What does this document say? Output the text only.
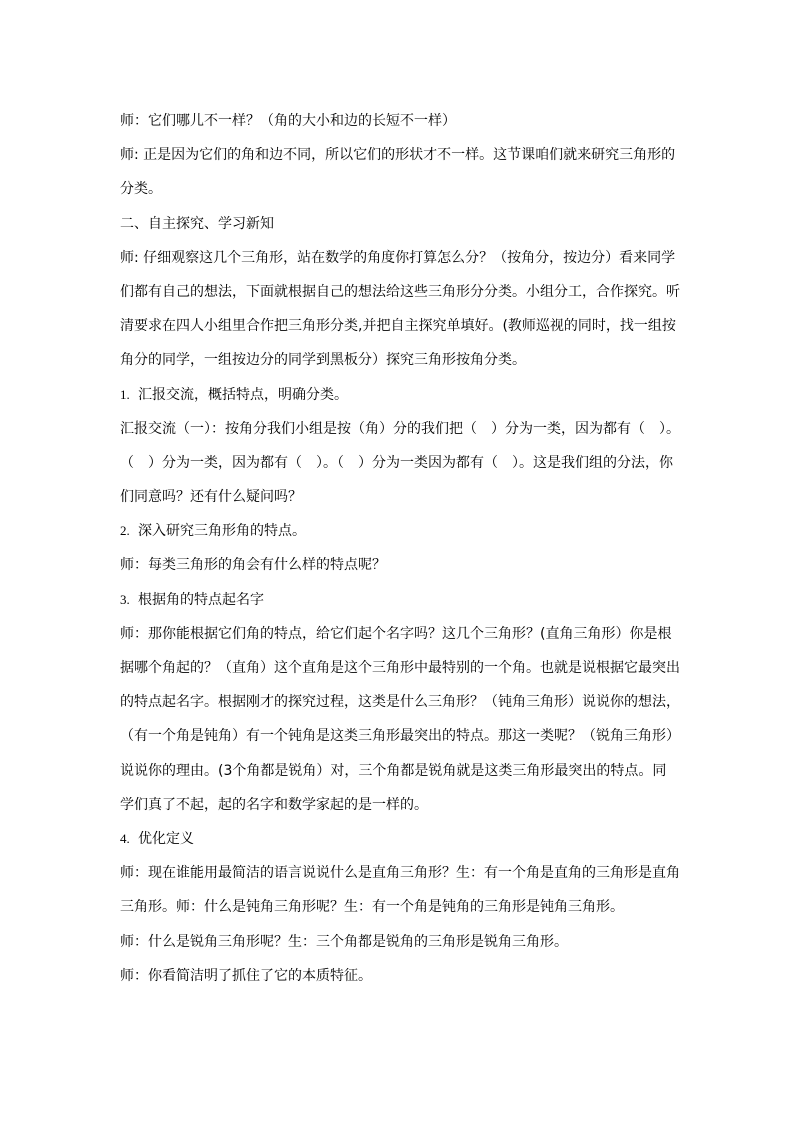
师：它们哪儿不一样？（角的大小和边的长短不一样）
师: 正是因为它们的角和边不同，所以它们的形状才不一样。这节课咱们就来研究三角形的
分类。
二、自主探究、学习新知
师: 仔细观察这几个三角形，站在数学的角度你打算怎么分？（按角分，按边分）看来同学
们都有自己的想法，下面就根据自己的想法给这些三角形分分类。小组分工，合作探究。听
清要求在四人小组里合作把三角形分类,并把自主探究单填好。(教师巡视的同时，找一组按
角分的同学，一组按边分的同学到黑板分）探究三角形按角分类。
1. 汇报交流，概括特点，明确分类。
汇报交流（一）：按角分我们小组是按（角）分的我们把（　）分为一类，因为都有（　）。
（　）分为一类，因为都有（　）。（　）分为一类因为都有（　）。这是我们组的分法，你
们同意吗？还有什么疑问吗？
2. 深入研究三角形角的特点。
师：每类三角形的角会有什么样的特点呢？
3. 根据角的特点起名字
师：那你能根据它们角的特点，给它们起个名字吗？这几个三角形？(直角三角形）你是根
据哪个角起的？（直角）这个直角是这个三角形中最特别的一个角。也就是说根据它最突出
的特点起名字。根据刚才的探究过程，这类是什么三角形？（钝角三角形）说说你的想法，
（有一个角是钝角）有一个钝角是这类三角形最突出的特点。那这一类呢？（锐角三角形）
说说你的理由。(3个角都是锐角）对，三个角都是锐角就是这类三角形最突出的特点。同
学们真了不起，起的名字和数学家起的是一样的。
4. 优化定义
师：现在谁能用最简洁的语言说说什么是直角三角形？生：有一个角是直角的三角形是直角
三角形。师：什么是钝角三角形呢？生：有一个角是钝角的三角形是钝角三角形。
师：什么是锐角三角形呢？生：三个角都是锐角的三角形是锐角三角形。
师：你看简洁明了抓住了它的本质特征。
